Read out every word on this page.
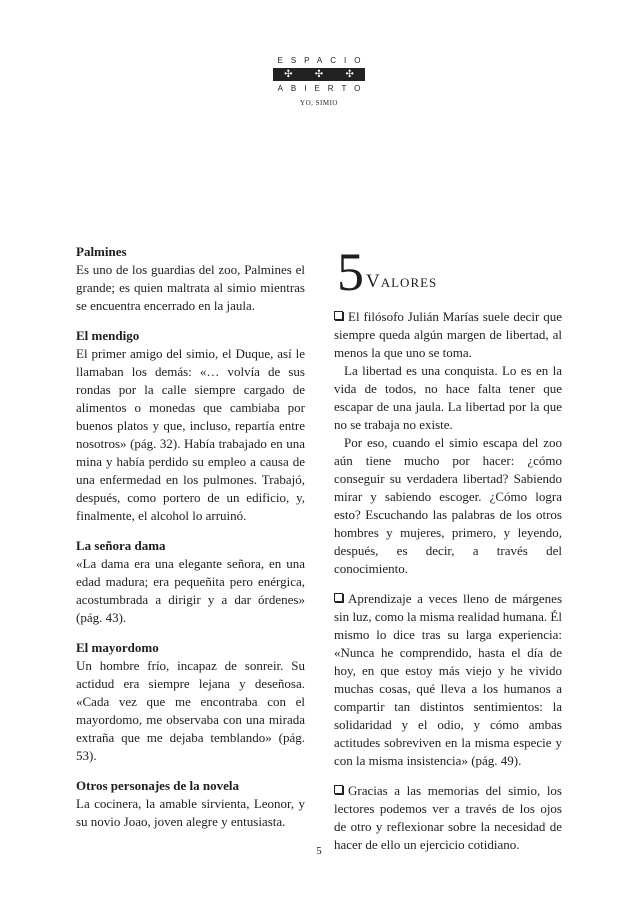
ESPACIO
✣ ✣ ✣
ABIERTO
YO, SIMIO
Palmines
Es uno de los guardias del zoo, Palmines el grande; es quien maltrata al simio mientras se encuentra encerrado en la jaula.
El mendigo
El primer amigo del simio, el Duque, así le llamaban los demás: «… volvía de sus rondas por la calle siempre cargado de alimentos o monedas que cambiaba por buenos platos y que, incluso, repartía entre nosotros» (pág. 32). Había trabajado en una mina y había perdido su empleo a causa de una enfermedad en los pulmones. Trabajó, después, como portero de un edificio, y, finalmente, el alcohol lo arruinó.
La señora dama
«La dama era una elegante señora, en una edad madura; era pequeñita pero enérgica, acostumbrada a dirigir y a dar órdenes» (pág. 43).
El mayordomo
Un hombre frío, incapaz de sonreir. Su actidud era siempre lejana y deseñosa. «Cada vez que me encontraba con el mayordomo, me observaba con una mirada extraña que me dejaba temblando» (pág. 53).
Otros personajes de la novela
La cocinera, la amable sirvienta, Leonor, y su novio Joao, joven alegre y entusiasta.
5 Valores

El filósofo Julián Marías suele decir que siempre queda algún margen de libertad, al menos la que uno se toma.

La libertad es una conquista. Lo es en la vida de todos, no hace falta tener que escapar de una jaula. La libertad por la que no se trabaja no existe.

Por eso, cuando el simio escapa del zoo aún tiene mucho por hacer: ¿cómo conseguir su verdadera libertad? Sabiendo mirar y sabiendo escoger. ¿Cómo logra esto? Escuchando las palabras de los otros hombres y mujeres, primero, y leyendo, después, es decir, a través del conocimiento.

Aprendizaje a veces lleno de márgenes sin luz, como la misma realidad humana. Él mismo lo dice tras su larga experiencia: «Nunca he comprendido, hasta el día de hoy, en que estoy más viejo y he vivido muchas cosas, qué lleva a los humanos a compartir tan distintos sentimientos: la solidaridad y el odio, y cómo ambas actitudes sobreviven en la misma especie y con la misma insistencia» (pág. 49).

Gracias a las memorias del simio, los lectores podemos ver a través de los ojos de otro y reflexionar sobre la necesidad de hacer de ello un ejercicio cotidiano.

5
